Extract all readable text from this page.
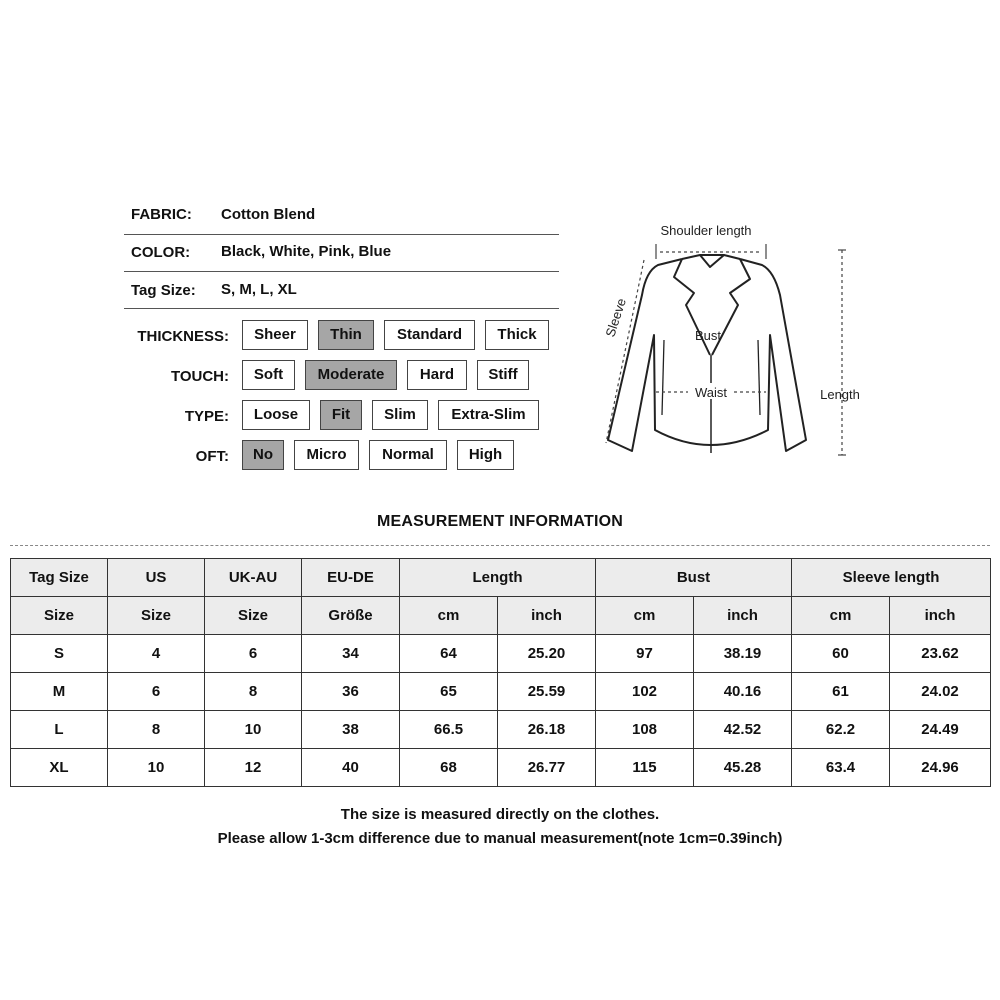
FABRIC: Cotton Blend
COLOR: Black, White, Pink, Blue
Tag Size: S, M, L, XL
THICKNESS:	Sheer	Thin	Standard	Thick
TOUCH:	Soft	Moderate	Hard	Stiff
TYPE:	Loose	Fit	Slim	Extra-Slim
OFT:	No	Micro	Normal	High
Shoulder length
Sleeve	Bust
Waist	Length
MEASUREMENT INFORMATION
Tag Size	US	UK-AU	EU-DE	Length		Bust		Sleeve length	
Size	Size	Size	Größe	cm	inch	cm	inch	cm	inch
S	4	6	34	64	25.20	97	38.19	60	23.62
M	6	8	36	65	25.59	102	40.16	61	24.02
L	8	10	38	66.5	26.18	108	42.52	62.2	24.49
XL	10	12	40	68	26.77	115	45.28	63.4	24.96
The size is measured directly on the clothes.
Please allow 1-3cm difference due to manual measurement(note 1cm=0.39inch)
